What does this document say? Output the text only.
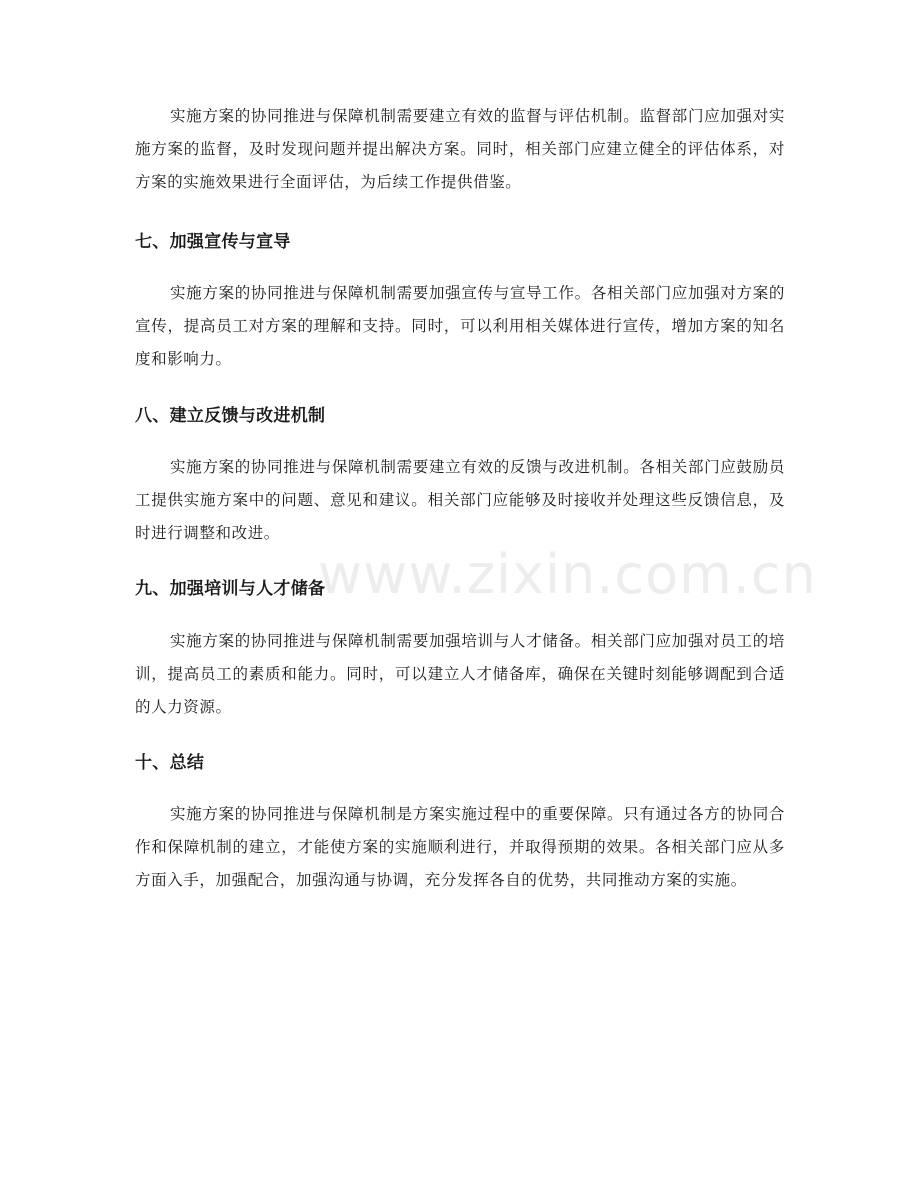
实施方案的协同推进与保障机制需要建立有效的监督与评估机制。监督部门应加强对实施方案的监督，及时发现问题并提出解决方案。同时，相关部门应建立健全的评估体系，对方案的实施效果进行全面评估，为后续工作提供借鉴。

七、加强宣传与宣导

实施方案的协同推进与保障机制需要加强宣传与宣导工作。各相关部门应加强对方案的宣传，提高员工对方案的理解和支持。同时，可以利用相关媒体进行宣传，增加方案的知名度和影响力。

八、建立反馈与改进机制

实施方案的协同推进与保障机制需要建立有效的反馈与改进机制。各相关部门应鼓励员工提供实施方案中的问题、意见和建议。相关部门应能够及时接收并处理这些反馈信息，及时进行调整和改进。

九、加强培训与人才储备

实施方案的协同推进与保障机制需要加强培训与人才储备。相关部门应加强对员工的培训，提高员工的素质和能力。同时，可以建立人才储备库，确保在关键时刻能够调配到合适的人力资源。

十、总结

实施方案的协同推进与保障机制是方案实施过程中的重要保障。只有通过各方的协同合作和保障机制的建立，才能使方案的实施顺利进行，并取得预期的效果。各相关部门应从多方面入手，加强配合，加强沟通与协调，充分发挥各自的优势，共同推动方案的实施。

www.zixin.com.cn
